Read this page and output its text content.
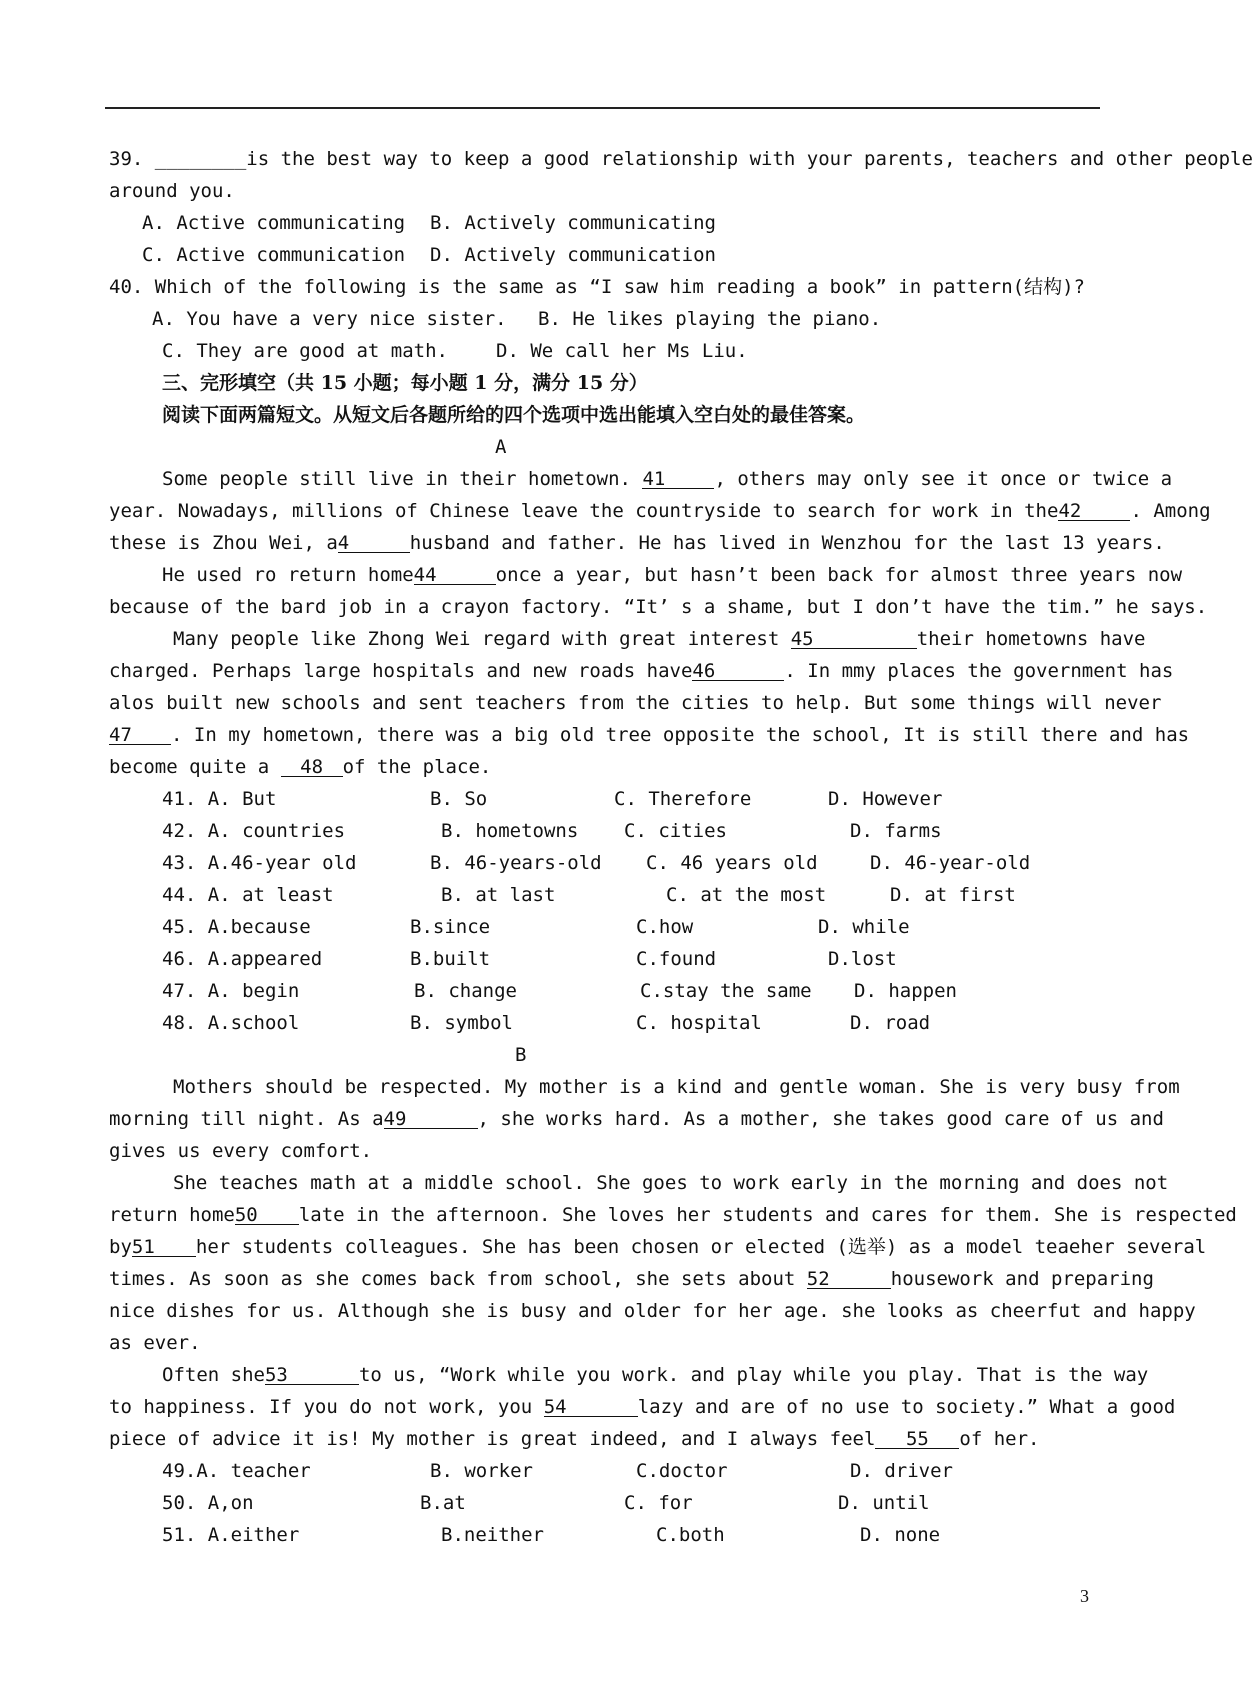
39. ________is the best way to keep a good relationship with your parents, teachers and other people
around you.
A. Active communicating B. Actively communicating
C. Active communication D. Actively communication
40. Which of the following is the same as “I saw him reading a book” in pattern(结构)?
A. You have a very nice sister. B. He likes playing the piano.
C. They are good at math.	D. We call her Ms Liu.
三、完形填空（共 15 小题；每小题 1 分，满分 15 分）
阅读下面两篇短文。从短文后各题所给的四个选项中选出能填入空白处的最佳答案。
A
Some people still live in their hometown. 41	, others may only see it once or twice a
year. Nowadays, millions of Chinese leave the countryside to search for work in the42	. Among
these is Zhou Wei, a4	husband and father. He has lived in Wenzhou for the last 13 years.
He used ro return home44	once a year, but hasn’t been back for almost three years now
because of the bard job in a crayon factory. “It’ s a shame, but I don’t have the tim.” he says.
Many people like Zhong Wei regard with great interest 45	their hometowns have
charged. Perhaps large hospitals and new roads have46	. In mmy places the government has
alos built new schools and sent teachers from the cities to help. But some things will never
47 . In my hometown, there was a big old tree opposite the school, It is still there and has
become quite a 48 of the place.
41. A. But	B. So	C. Therefore	D. However
42. A. countries	B. hometowns C. cities	D. farms
43. A.46-year old	B. 46-years-old C. 46 years old	D. 46-year-old
44. A. at least	B. at last	C. at the most	D. at first
45. A.because	B.since	C.how	D. while
46. A.appeared	B.built	C.found	D.lost
47. A. begin	B. change	C.stay the same D. happen
48. A.school	B. symbol	C. hospital	D. road
B
Mothers should be respected. My mother is a kind and gentle woman. She is very busy from
morning till night. As a49	, she works hard. As a mother, she takes good care of us and
gives us every comfort.
She teaches math at a middle school. She goes to work early in the morning and does not
return home50 late in the afternoon. She loves her students and cares for them. She is respected
by51 her students colleagues. She has been chosen or elected (选举) as a model teaeher several
times. As soon as she comes back from school, she sets about 52	housework and preparing
nice dishes for us. Although she is busy and older for her age. she looks as cheerfut and happy
as ever.
Often she53	to us, “Work while you work. and play while you play. That is the way
to happiness. If you do not work, you 54	lazy and are of no use to society.” What a good
piece of advice it is! My mother is great indeed, and I always feel 55 of her.
49.A. teacher	B. worker	C.doctor	D. driver
50. A,on	B.at	C. for	D. until
51. A.either	B.neither	C.both	D. none
3
